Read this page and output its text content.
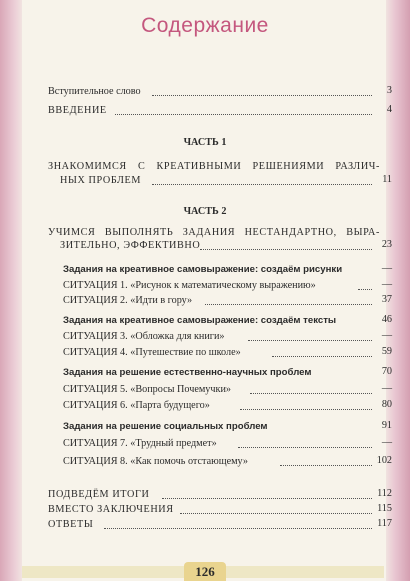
Содержание
Вступительное слово	3
ВВЕДЕНИЕ	4
ЧАСТЬ 1
ЗНАКОМИМСЯ С КРЕАТИВНЫМИ РЕШЕНИЯМИ РАЗЛИЧ-
НЫХ ПРОБЛЕМ	11
ЧАСТЬ 2
УЧИМСЯ ВЫПОЛНЯТЬ ЗАДАНИЯ НЕСТАНДАРТНО, ВЫРА-
ЗИТЕЛЬНО, ЭФФЕКТИВНО	23
Задания на креативное самовыражение: создаём рисунки	—
СИТУАЦИЯ 1. «Рисунок к математическому выражению»	—
СИТУАЦИЯ 2. «Идти в гору»	37
Задания на креативное самовыражение: создаём тексты	46
СИТУАЦИЯ 3. «Обложка для книги»	—
СИТУАЦИЯ 4. «Путешествие по школе»	59
Задания на решение естественно-научных проблем	70
СИТУАЦИЯ 5. «Вопросы Почемучки»	—
СИТУАЦИЯ 6. «Парта будущего»	80
Задания на решение социальных проблем	91
СИТУАЦИЯ 7. «Трудный предмет»	—
СИТУАЦИЯ 8. «Как помочь отстающему»	102
ПОДВЕДЁМ ИТОГИ	112
ВМЕСТО ЗАКЛЮЧЕНИЯ	115
ОТВЕТЫ	117
126
